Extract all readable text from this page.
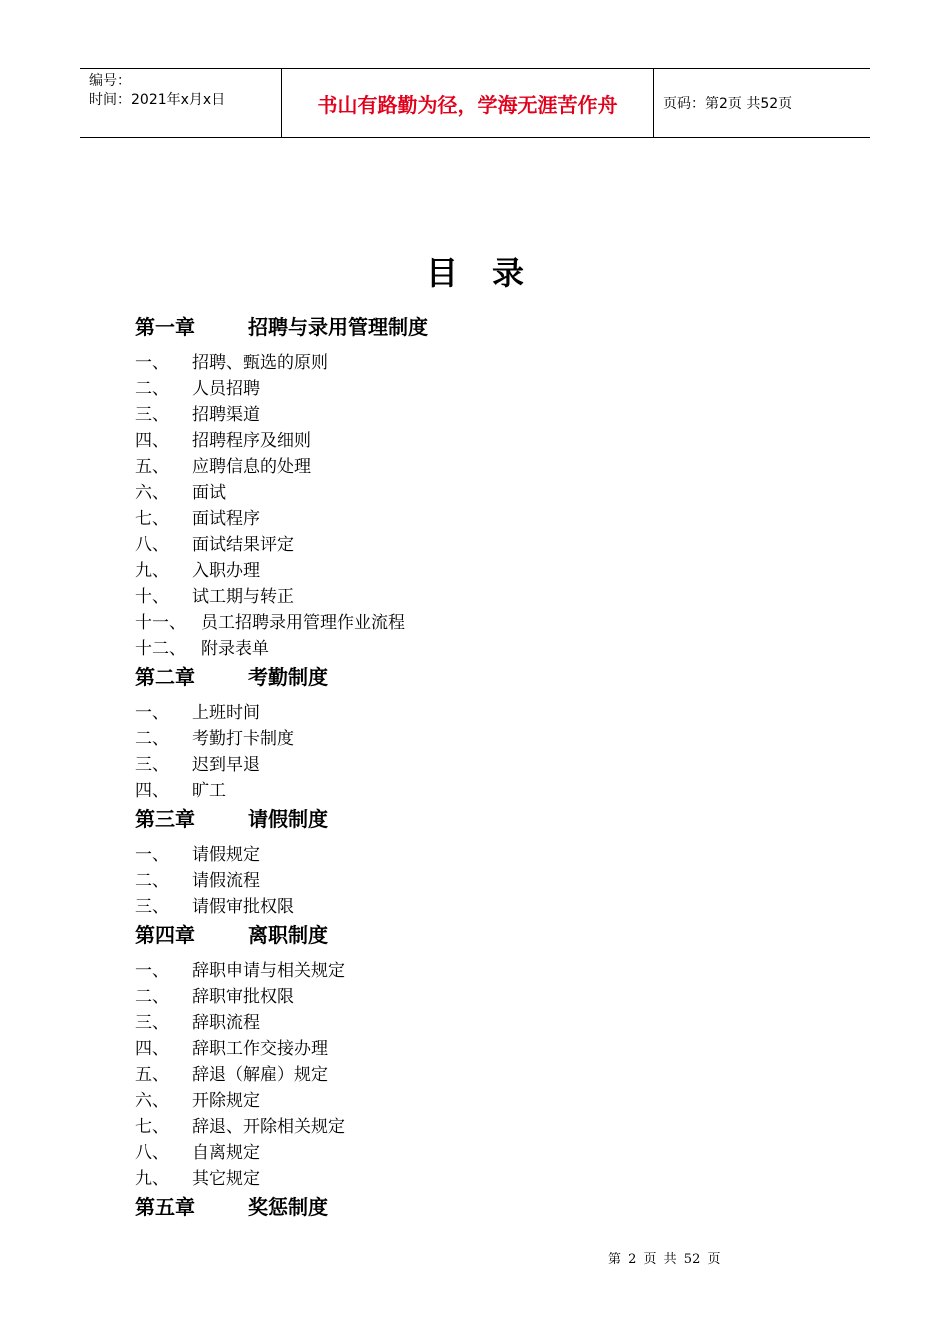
编号：
时间：2021年x月x日	书山有路勤为径，学海无涯苦作舟	页码：第2页 共52页
目 录
第一章	招聘与录用管理制度
一、 招聘、甄选的原则
二、 人员招聘
三、 招聘渠道
四、 招聘程序及细则
五、 应聘信息的处理
六、 面试
七、 面试程序
八、 面试结果评定
九、 入职办理
十、 试工期与转正
十一、 员工招聘录用管理作业流程
十二、 附录表单
第二章	考勤制度
一、 上班时间
二、 考勤打卡制度
三、 迟到早退
四、 旷工
第三章	请假制度
一、 请假规定
二、 请假流程
三、 请假审批权限
第四章	离职制度
一、 辞职申请与相关规定
二、 辞职审批权限
三、 辞职流程
四、 辞职工作交接办理
五、 辞退（解雇）规定
六、 开除规定
七、 辞退、开除相关规定
八、 自离规定
九、 其它规定
第五章	奖惩制度
第 2 页 共 52 页
